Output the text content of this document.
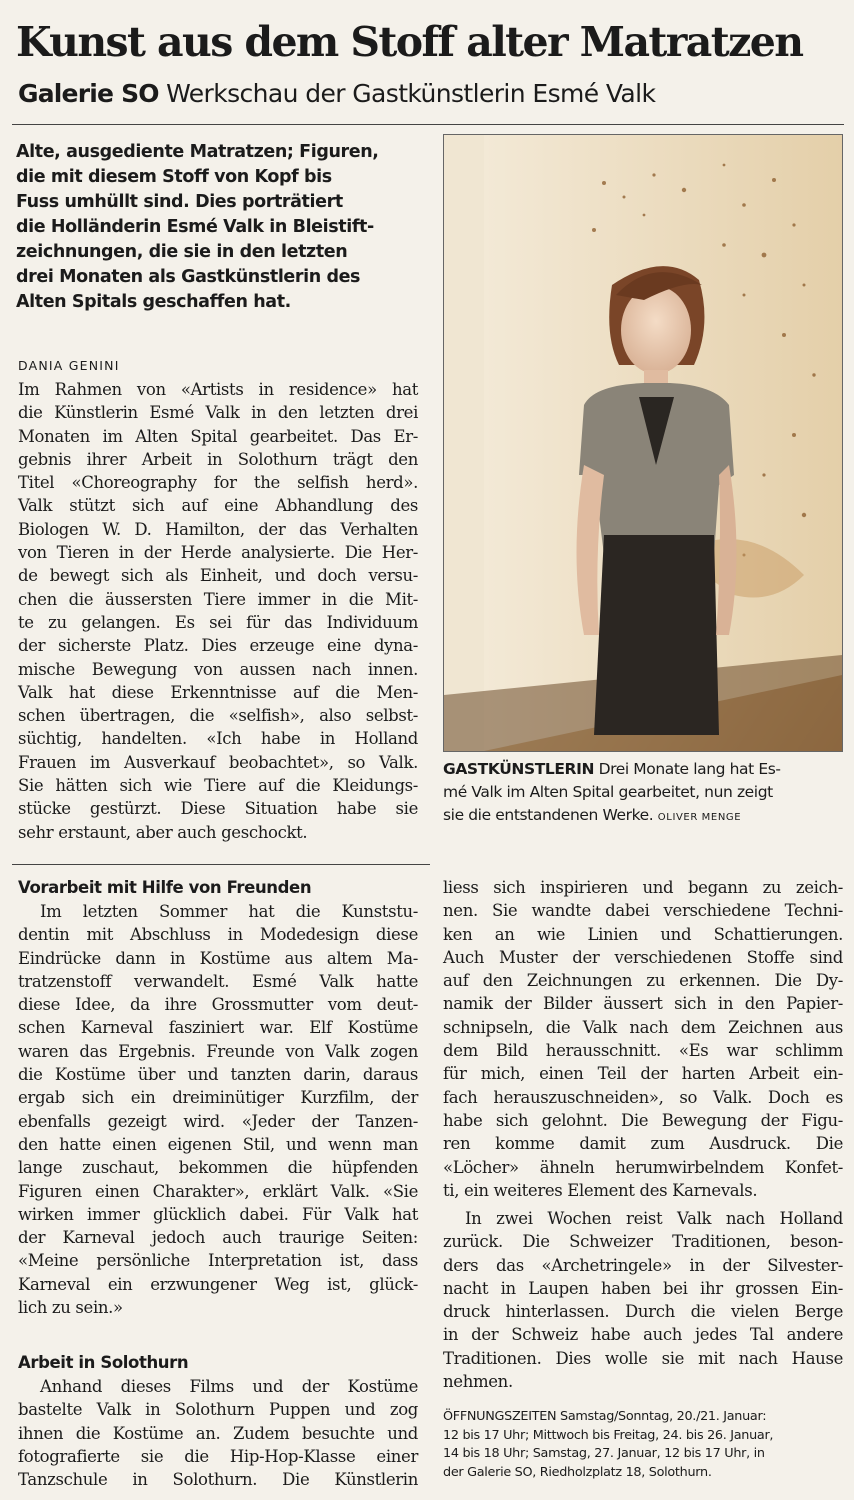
Kunst aus dem Stoff alter Matratzen
Galerie SO Werkschau der Gastkünstlerin Esmé Valk
Alte, ausgediente Matratzen; Figuren,
die mit diesem Stoff von Kopf bis
Fuss umhüllt sind. Dies porträtiert
die Holländerin Esmé Valk in Bleistift-
zeichnungen, die sie in den letzten
drei Monaten als Gastkünstlerin des
Alten Spitals geschaffen hat.
DANIA GENINI
Im Rahmen von «Artists in residence» hat
die Künstlerin Esmé Valk in den letzten drei
Monaten im Alten Spital gearbeitet. Das Er-
gebnis ihrer Arbeit in Solothurn trägt den
Titel «Choreography for the selfish herd».
Valk stützt sich auf eine Abhandlung des
Biologen W. D. Hamilton, der das Verhalten
von Tieren in der Herde analysierte. Die Her-
de bewegt sich als Einheit, und doch versu-
chen die äussersten Tiere immer in die Mit-
te zu gelangen. Es sei für das Individuum
der sicherste Platz. Dies erzeuge eine dyna-
mische Bewegung von aussen nach innen.
Valk hat diese Erkenntnisse auf die Men-
schen übertragen, die «selfish», also selbst-
süchtig, handelten. «Ich habe in Holland
Frauen im Ausverkauf beobachtet», so Valk.
Sie hätten sich wie Tiere auf die Kleidungs-
stücke gestürzt. Diese Situation habe sie
sehr erstaunt, aber auch geschockt.
Vorarbeit mit Hilfe von Freunden
Im letzten Sommer hat die Kunststu-
dentin mit Abschluss in Modedesign diese
Eindrücke dann in Kostüme aus altem Ma-
tratzenstoff verwandelt. Esmé Valk hatte
diese Idee, da ihre Grossmutter vom deut-
schen Karneval fasziniert war. Elf Kostüme
waren das Ergebnis. Freunde von Valk zogen
die Kostüme über und tanzten darin, daraus
ergab sich ein dreiminütiger Kurzfilm, der
ebenfalls gezeigt wird. «Jeder der Tanzen-
den hatte einen eigenen Stil, und wenn man
lange zuschaut, bekommen die hüpfenden
Figuren einen Charakter», erklärt Valk. «Sie
wirken immer glücklich dabei. Für Valk hat
der Karneval jedoch auch traurige Seiten:
«Meine persönliche Interpretation ist, dass
Karneval ein erzwungener Weg ist, glück-
lich zu sein.»
Arbeit in Solothurn
Anhand dieses Films und der Kostüme
bastelte Valk in Solothurn Puppen und zog
ihnen die Kostüme an. Zudem besuchte und
fotografierte sie die Hip-Hop-Klasse einer
Tanzschule in Solothurn. Die Künstlerin
GASTKÜNSTLERIN Drei Monate lang hat Es-
mé Valk im Alten Spital gearbeitet, nun zeigt
sie die entstandenen Werke. OLIVER MENGE
liess sich inspirieren und begann zu zeich-
nen. Sie wandte dabei verschiedene Techni-
ken an wie Linien und Schattierungen.
Auch Muster der verschiedenen Stoffe sind
auf den Zeichnungen zu erkennen. Die Dy-
namik der Bilder äussert sich in den Papier-
schnipseln, die Valk nach dem Zeichnen aus
dem Bild herausschnitt. «Es war schlimm
für mich, einen Teil der harten Arbeit ein-
fach herauszuschneiden», so Valk. Doch es
habe sich gelohnt. Die Bewegung der Figu-
ren komme damit zum Ausdruck. Die
«Löcher» ähneln herumwirbelndem Konfet-
ti, ein weiteres Element des Karnevals.
In zwei Wochen reist Valk nach Holland
zurück. Die Schweizer Traditionen, beson-
ders das «Archetringele» in der Silvester-
nacht in Laupen haben bei ihr grossen Ein-
druck hinterlassen. Durch die vielen Berge
in der Schweiz habe auch jedes Tal andere
Traditionen. Dies wolle sie mit nach Hause
nehmen.
ÖFFNUNGSZEITEN Samstag/Sonntag, 20./21. Januar:
12 bis 17 Uhr; Mittwoch bis Freitag, 24. bis 26. Januar,
14 bis 18 Uhr; Samstag, 27. Januar, 12 bis 17 Uhr, in
der Galerie SO, Riedholzplatz 18, Solothurn.
